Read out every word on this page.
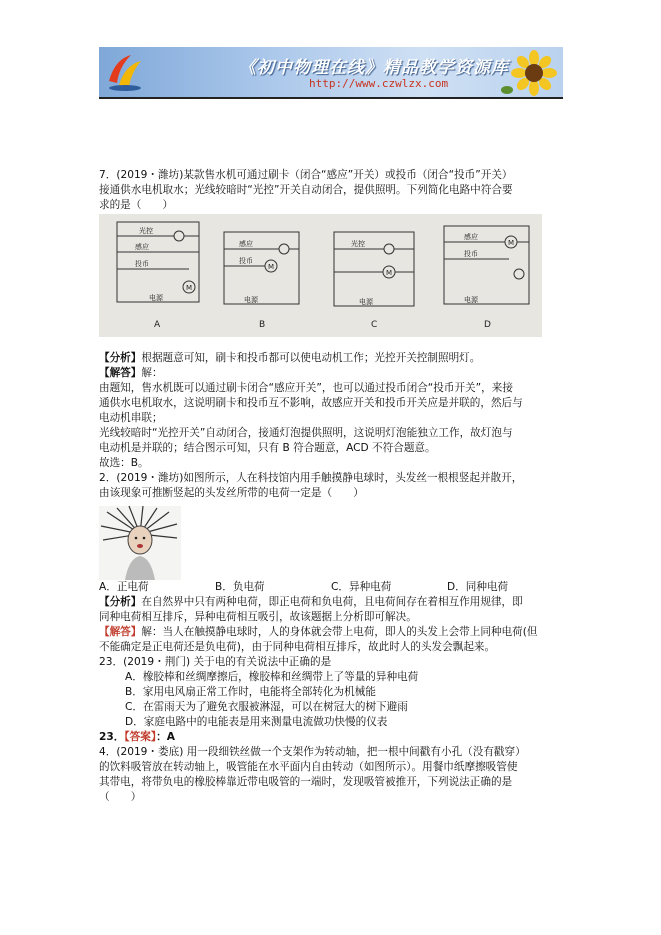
《初中物理在线》精品教学资源库
http://www.czwlzx.com

7．(2019・潍坊)某款售水机可通过刷卡（闭合“感应”开关）或投币（闭合“投币”开关）

接通供水电机取水；光线较暗时“光控”开关自动闭合，提供照明。下列简化电路中符合要

求的是（　　）

光控
感应
投币
电源
M
感应
投币
电源
M
光控
M
电源
感应
投币
M
电源
A	B	C	D

【分析】根据题意可知，刷卡和投币都可以使电动机工作；光控开关控制照明灯。

【解答】解：

由题知，售水机既可以通过刷卡闭合“感应开关”，也可以通过投币闭合“投币开关”，来接

通供水电机取水，这说明刷卡和投币互不影响，故感应开关和投币开关应是并联的，然后与

电动机串联；

光线较暗时“光控开关”自动闭合，接通灯泡提供照明，这说明灯泡能独立工作，故灯泡与

电动机是并联的；结合图示可知，只有 B 符合题意，ACD 不符合题意。

故选：B。

2．(2019・潍坊)如图所示，人在科技馆内用手触摸静电球时，头发丝一根根竖起并散开，

由该现象可推断竖起的头发丝所带的电荷一定是（　　）

A．正电荷	B．负电荷	C．异种电荷	D．同种电荷

【分析】在自然界中只有两种电荷，即正电荷和负电荷，且电荷间存在着相互作用规律，即

同种电荷相互排斥，异种电荷相互吸引，故该题据上分析即可解决。

【解答】解：当人在触摸静电球时，人的身体就会带上电荷，即人的头发上会带上同种电荷(但

不能确定是正电荷还是负电荷)，由于同种电荷相互排斥，故此时人的头发会飘起来。

23．(2019・荆门) 关于电的有关说法中正确的是

A．橡胶棒和丝绸摩擦后，橡胶棒和丝绸带上了等量的异种电荷

B．家用电风扇正常工作时，电能将全部转化为机械能

C．在雷雨天为了避免衣服被淋湿，可以在树冠大的树下避雨

D．家庭电路中的电能表是用来测量电流做功快慢的仪表

23．【答案】：A

4．(2019・娄底) 用一段细铁丝做一个支架作为转动轴，把一根中间戳有小孔（没有戳穿）

的饮料吸管放在转动轴上，吸管能在水平面内自由转动（如图所示）。用餐巾纸摩擦吸管使

其带电，将带负电的橡胶棒靠近带电吸管的一端时，发现吸管被推开，下列说法正确的是

（　　）
